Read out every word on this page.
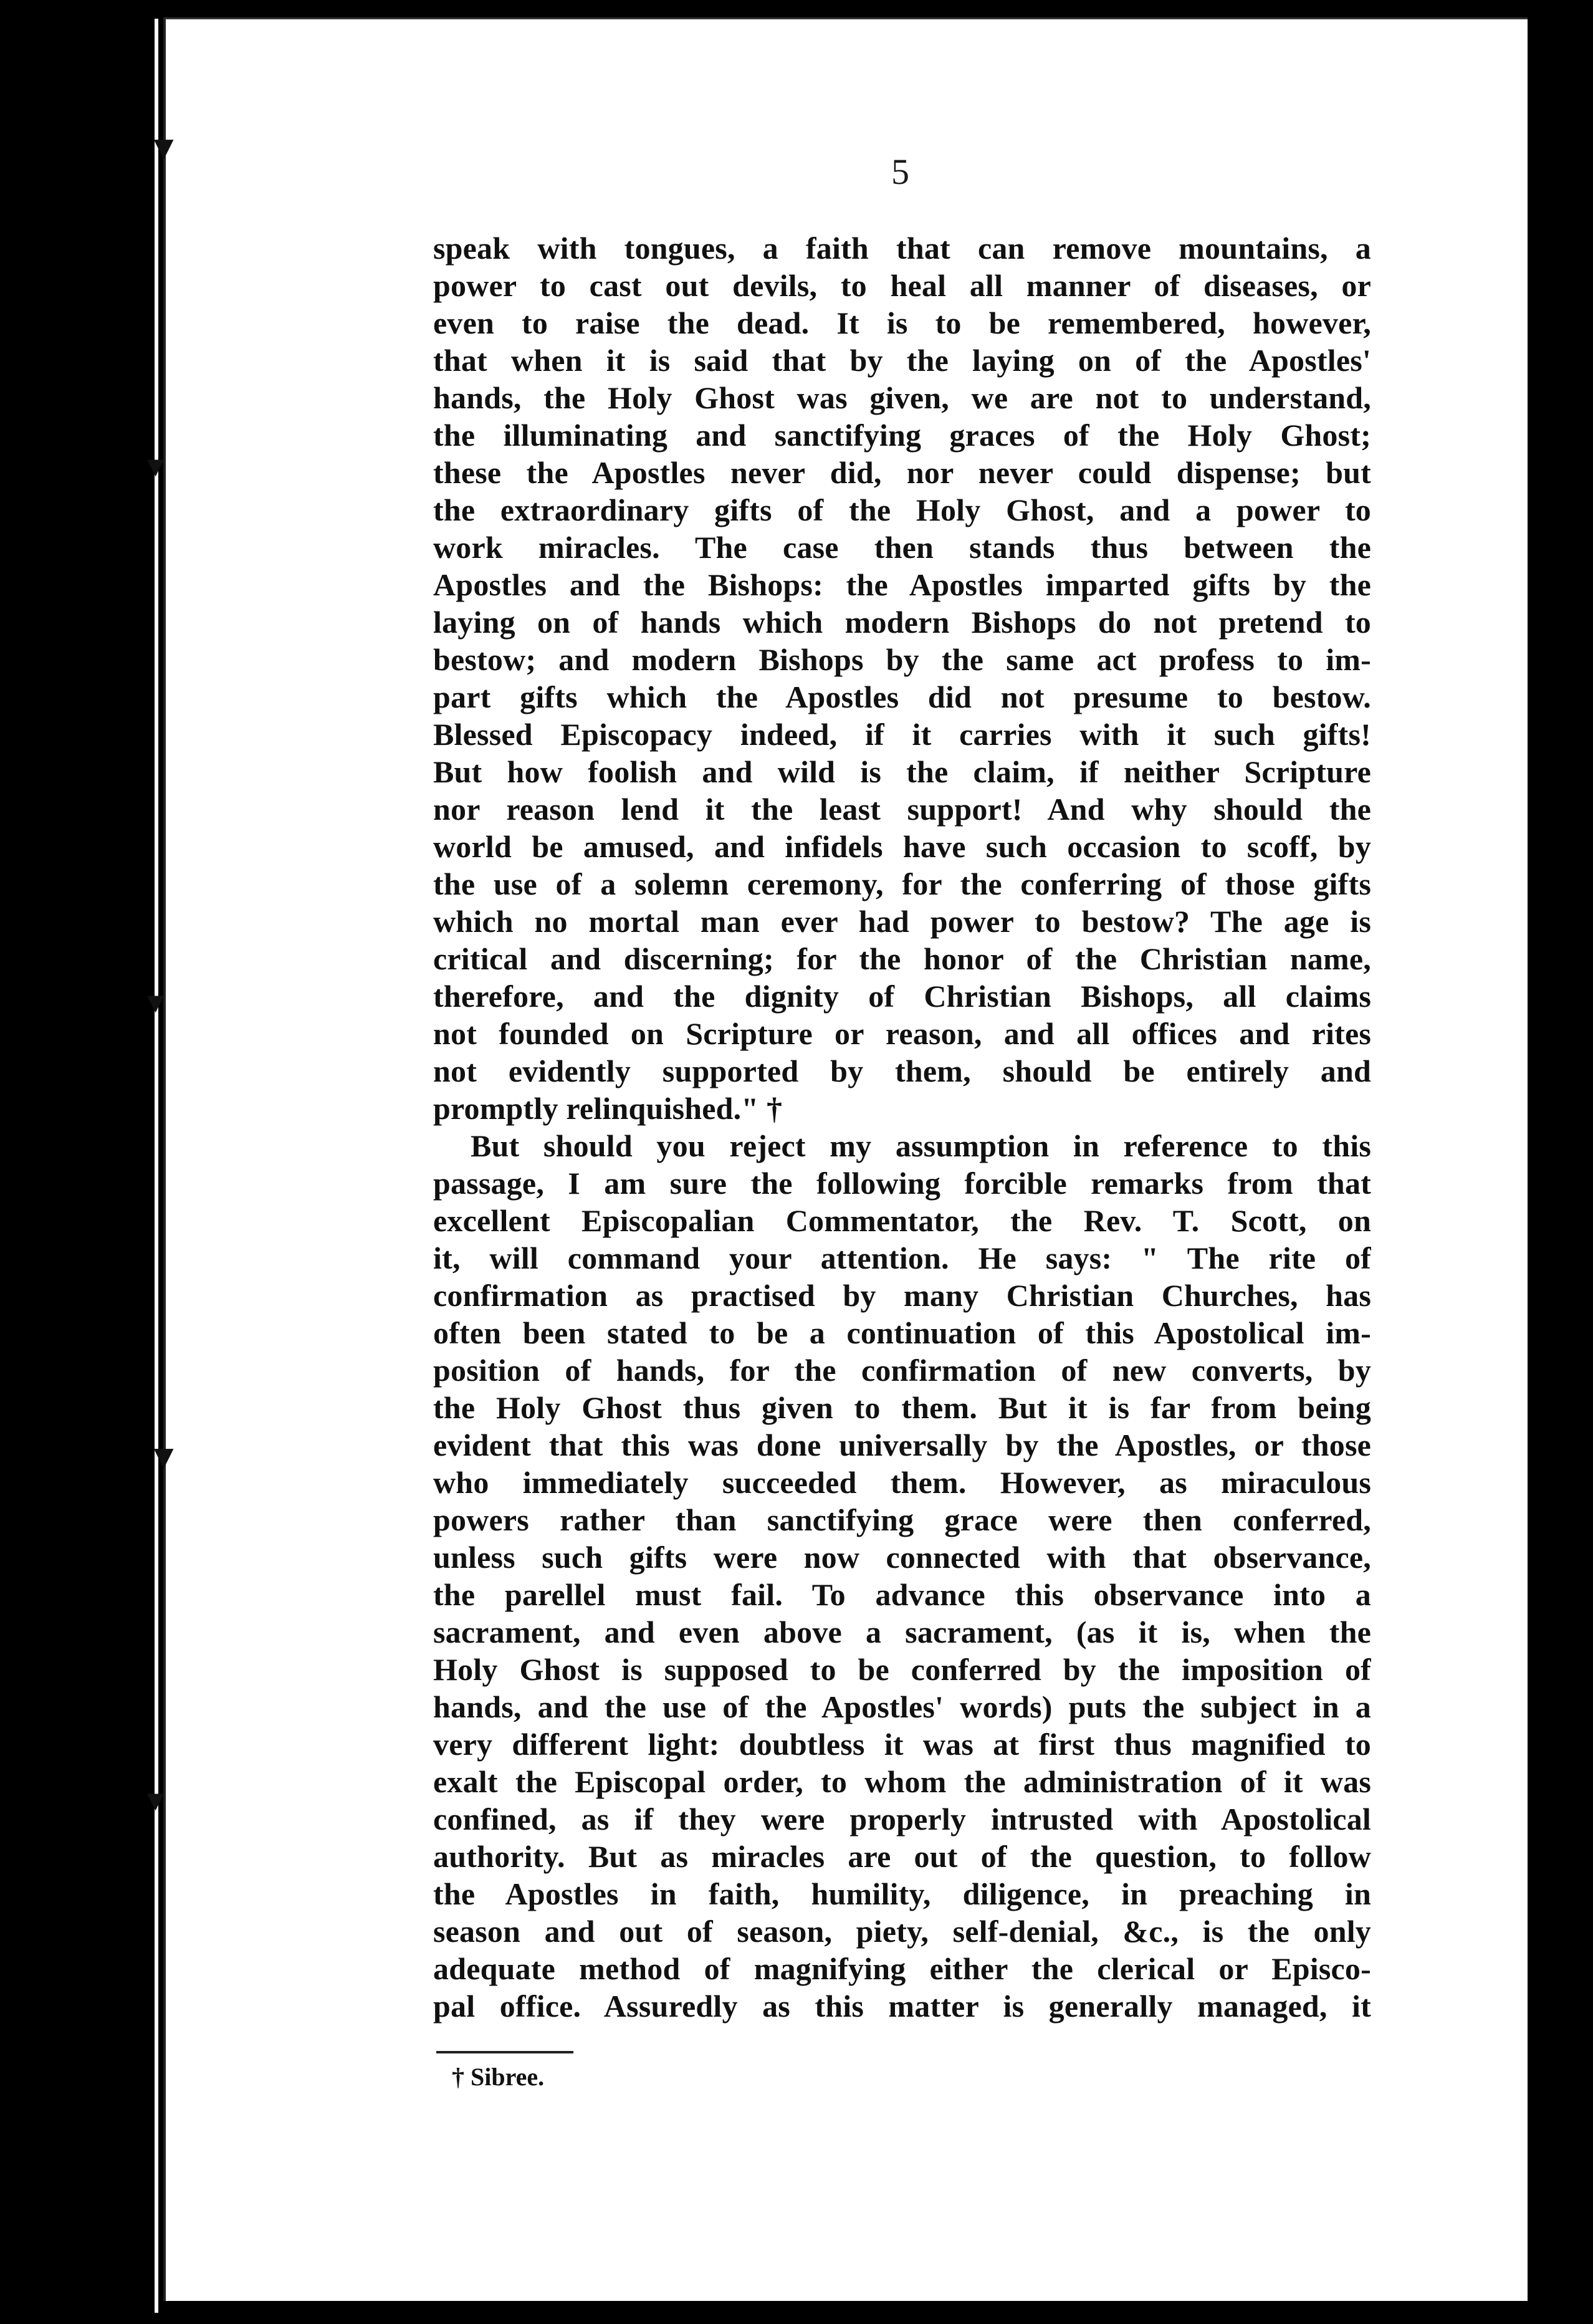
▼
▾
▾
▼
▾
5
speak with tongues, a faith that can remove mountains, a
power to cast out devils, to heal all manner of diseases, or
even to raise the dead. It is to be remembered, however,
that when it is said that by the laying on of the Apostles'
hands, the Holy Ghost was given, we are not to understand,
the illuminating and sanctifying graces of the Holy Ghost;
these the Apostles never did, nor never could dispense; but
the extraordinary gifts of the Holy Ghost, and a power to
work miracles. The case then stands thus between the
Apostles and the Bishops: the Apostles imparted gifts by the
laying on of hands which modern Bishops do not pretend to
bestow; and modern Bishops by the same act profess to im-
part gifts which the Apostles did not presume to bestow.
Blessed Episcopacy indeed, if it carries with it such gifts!
But how foolish and wild is the claim, if neither Scripture
nor reason lend it the least support! And why should the
world be amused, and infidels have such occasion to scoff, by
the use of a solemn ceremony, for the conferring of those gifts
which no mortal man ever had power to bestow? The age is
critical and discerning; for the honor of the Christian name,
therefore, and the dignity of Christian Bishops, all claims
not founded on Scripture or reason, and all offices and rites
not evidently supported by them, should be entirely and
promptly relinquished." †
But should you reject my assumption in reference to this
passage, I am sure the following forcible remarks from that
excellent Episcopalian Commentator, the Rev. T. Scott, on
it, will command your attention. He says: " The rite of
confirmation as practised by many Christian Churches, has
often been stated to be a continuation of this Apostolical im-
position of hands, for the confirmation of new converts, by
the Holy Ghost thus given to them. But it is far from being
evident that this was done universally by the Apostles, or those
who immediately succeeded them. However, as miraculous
powers rather than sanctifying grace were then conferred,
unless such gifts were now connected with that observance,
the parellel must fail. To advance this observance into a
sacrament, and even above a sacrament, (as it is, when the
Holy Ghost is supposed to be conferred by the imposition of
hands, and the use of the Apostles' words) puts the subject in a
very different light: doubtless it was at first thus magnified to
exalt the Episcopal order, to whom the administration of it was
confined, as if they were properly intrusted with Apostolical
authority. But as miracles are out of the question, to follow
the Apostles in faith, humility, diligence, in preaching in
season and out of season, piety, self-denial, &c., is the only
adequate method of magnifying either the clerical or Episco-
pal office. Assuredly as this matter is generally managed, it
† Sibree.
